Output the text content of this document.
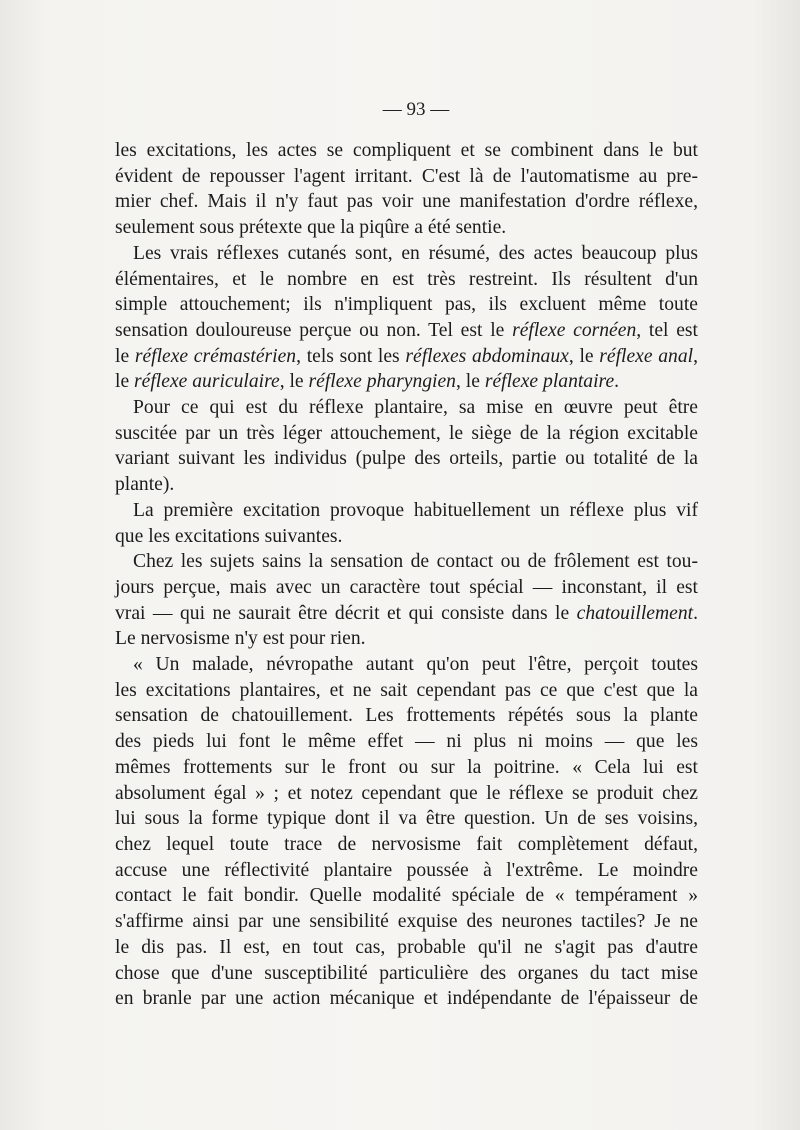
— 93 —

les excitations, les actes se compliquent et se combinent dans le but

évident de repousser l'agent irritant. C'est là de l'automatisme au pre-

mier chef. Mais il n'y faut pas voir une manifestation d'ordre réflexe,

seulement sous prétexte que la piqûre a été sentie.

Les vrais réflexes cutanés sont, en résumé, des actes beaucoup plus

élémentaires, et le nombre en est très restreint. Ils résultent d'un

simple attouchement; ils n'impliquent pas, ils excluent même toute

sensation douloureuse perçue ou non. Tel est le réflexe cornéen, tel est

le réflexe crémastérien, tels sont les réflexes abdominaux, le réflexe anal,

le réflexe auriculaire, le réflexe pharyngien, le réflexe plantaire.

Pour ce qui est du réflexe plantaire, sa mise en œuvre peut être

suscitée par un très léger attouchement, le siège de la région excitable

variant suivant les individus (pulpe des orteils, partie ou totalité de la

plante).

La première excitation provoque habituellement un réflexe plus vif

que les excitations suivantes.

Chez les sujets sains la sensation de contact ou de frôlement est tou-

jours perçue, mais avec un caractère tout spécial — inconstant, il est

vrai — qui ne saurait être décrit et qui consiste dans le chatouillement.

Le nervosisme n'y est pour rien.

« Un malade, névropathe autant qu'on peut l'être, perçoit toutes

les excitations plantaires, et ne sait cependant pas ce que c'est que la

sensation de chatouillement. Les frottements répétés sous la plante

des pieds lui font le même effet — ni plus ni moins — que les

mêmes frottements sur le front ou sur la poitrine. « Cela lui est

absolument égal » ; et notez cependant que le réflexe se produit chez

lui sous la forme typique dont il va être question. Un de ses voisins,

chez lequel toute trace de nervosisme fait complètement défaut,

accuse une réflectivité plantaire poussée à l'extrême. Le moindre

contact le fait bondir. Quelle modalité spéciale de « tempérament »

s'affirme ainsi par une sensibilité exquise des neurones tactiles? Je ne

le dis pas. Il est, en tout cas, probable qu'il ne s'agit pas d'autre

chose que d'une susceptibilité particulière des organes du tact mise

en branle par une action mécanique et indépendante de l'épaisseur de
